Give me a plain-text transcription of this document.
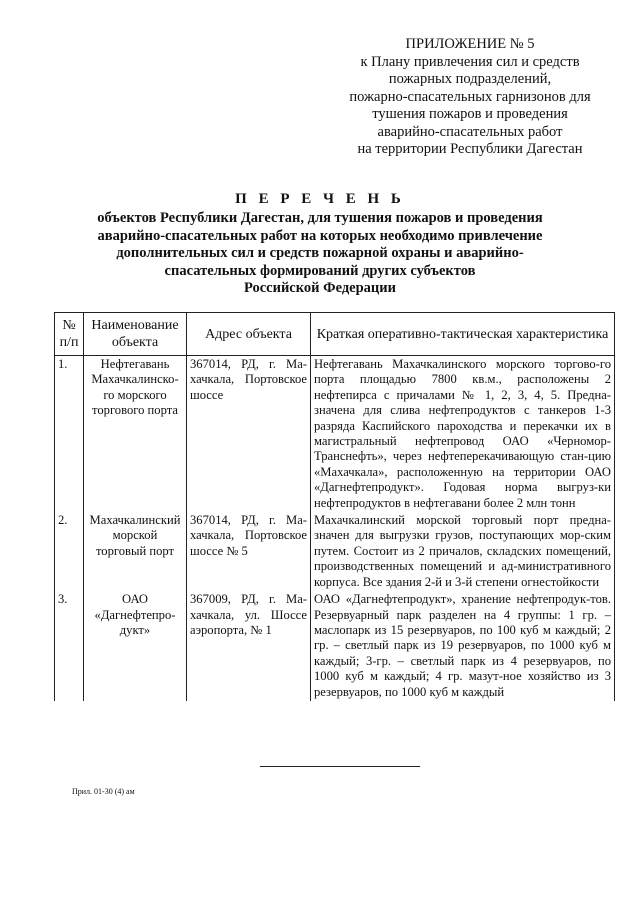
ПРИЛОЖЕНИЕ № 5
к Плану привлечения сил и средств
пожарных подразделений,
пожарно-спасательных гарнизонов для
тушения пожаров и проведения
аварийно-спасательных работ
на территории Республики Дагестан
П Е Р Е Ч Е Н Ь
объектов Республики Дагестан, для тушения пожаров и проведения
аварийно-спасательных работ на которых необходимо привлечение
дополнительных сил и средств пожарной охраны и аварийно-
спасательных формирований других субъектов
Российской Федерации
№ п/п	Наименование объекта	Адрес объекта	Краткая оперативно-тактическая характеристика
1.	Нефтегавань Махачкалинско-го морского торгового порта	367014, РД, г. Ма-хачкала, Портовское шоссе	Нефтегавань Махачкалинского морского торгово-го порта площадью 7800 кв.м., расположены 2 нефтепирса с причалами № 1, 2, 3, 4, 5. Предна-значена для слива нефтепродуктов с танкеров 1-3 разряда Каспийского пароходства и перекачки их в магистральный нефтепровод ОАО «Черномор-Транснефть», через нефтеперекачивающую стан-цию «Махачкала», расположенную на территории ОАО «Дагнефтепродукт». Годовая норма выгруз-ки нефтепродуктов в нефтегавани более 2 млн тонн
2.	Махачкалинский морской торговый порт	367014, РД, г. Ма-хачкала, Портовское шоссе № 5	Махачкалинский морской торговый порт предна-значен для выгрузки грузов, поступающих мор-ским путем. Состоит из 2 причалов, складских помещений, производственных помещений и ад-министративного корпуса. Все здания 2-й и 3-й степени огнестойкости
3.	ОАО «Дагнефтепро-дукт»	367009, РД, г. Ма-хачкала, ул. Шоссе аэропорта, № 1	ОАО «Дагнефтепродукт», хранение нефтепродук-тов. Резервуарный парк разделен на 4 группы: 1 гр. – маслопарк из 15 резервуаров, по 100 куб м каждый; 2 гр. – светлый парк из 19 резервуаров, по 1000 куб м каждый; 3-гр. – светлый парк из 4 резервуаров, по 1000 куб м каждый; 4 гр. мазут-ное хозяйство из 3 резервуаров, по 1000 куб м каждый
Прил. 01-30 (4) ам
